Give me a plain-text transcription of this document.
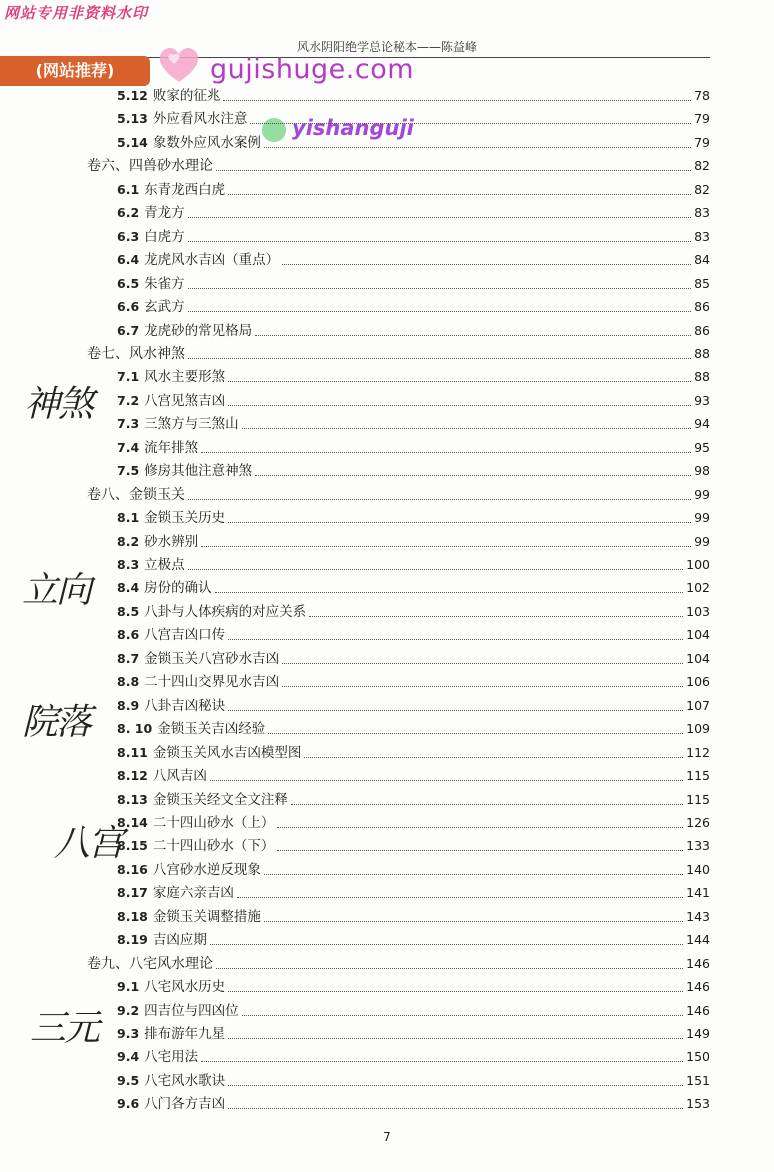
网站专用非资料水印
风水阴阳绝学总论秘本——陈益峰
(网站推荐)	gujishuge.com
yishanguji
5.12 败家的征兆	78
5.13 外应看风水注意	79
5.14 象数外应风水案例	79
卷六、四兽砂水理论	82
6.1 东青龙西白虎	82
6.2 青龙方	83
6.3 白虎方	83
6.4 龙虎风水吉凶（重点）	84
6.5 朱雀方	85
6.6 玄武方	86
6.7 龙虎砂的常见格局	86
卷七、风水神煞	88
7.1 风水主要形煞	88
7.2 八宫见煞吉凶	93
7.3 三煞方与三煞山	94
7.4 流年排煞	95
7.5 修房其他注意神煞	98
卷八、金锁玉关	99
8.1 金锁玉关历史	99
8.2 砂水辨别	99
8.3 立极点	100
8.4 房份的确认	102
8.5 八卦与人体疾病的对应关系	103
8.6 八宫吉凶口传	104
8.7 金锁玉关八宫砂水吉凶	104
8.8 二十四山交界见水吉凶	106
8.9 八卦吉凶秘诀	107
8. 10 金锁玉关吉凶经验	109
8.11 金锁玉关风水吉凶模型图	112
8.12 八风吉凶	115
8.13 金锁玉关经文全文注释	115
8.14 二十四山砂水（上）	126
8.15 二十四山砂水（下）	133
8.16 八宫砂水逆反现象	140
8.17 家庭六亲吉凶	141
8.18 金锁玉关调整措施	143
8.19 吉凶应期	144
卷九、八宅风水理论	146
9.1 八宅风水历史	146
9.2 四吉位与四凶位	146
9.3 排布游年九星	149
9.4 八宅用法	150
9.5 八宅风水歌诀	151
9.6 八门各方吉凶	153
神煞
立向
院落
八宫
三元
7
